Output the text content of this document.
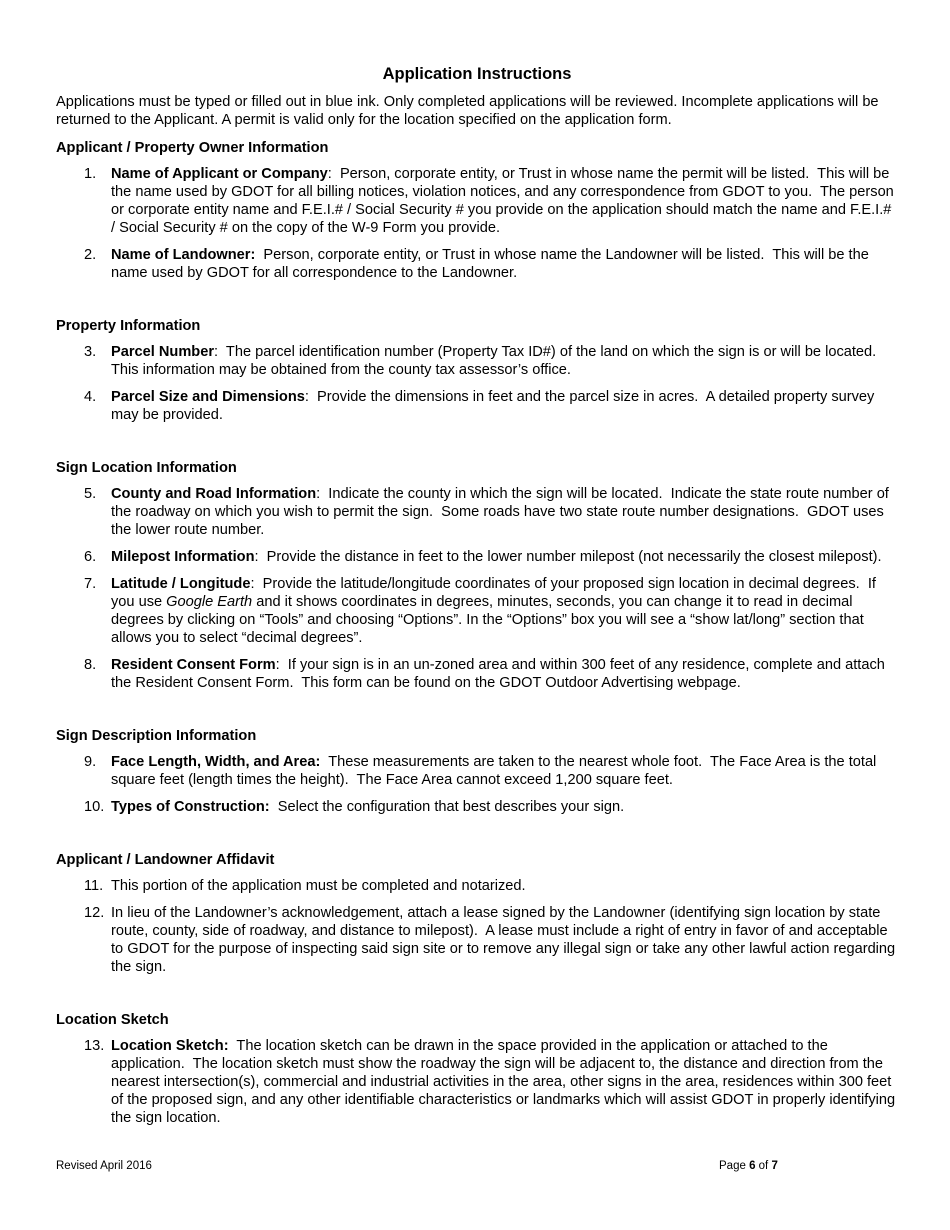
Application Instructions

Applications must be typed or filled out in blue ink. Only completed applications will be reviewed. Incomplete applications will be returned to the Applicant. A permit is valid only for the location specified on the application form.

Applicant / Property Owner Information
1. Name of Applicant or Company:  Person, corporate entity, or Trust in whose name the permit will be listed.  This will be the name used by GDOT for all billing notices, violation notices, and any correspondence from GDOT to you.  The person or corporate entity name and F.E.I.# / Social Security # you provide on the application should match the name and F.E.I.# / Social Security # on the copy of the W-9 Form you provide.
2. Name of Landowner:  Person, corporate entity, or Trust in whose name the Landowner will be listed.  This will be the name used by GDOT for all correspondence to the Landowner.
Property Information
3. Parcel Number:  The parcel identification number (Property Tax ID#) of the land on which the sign is or will be located.  This information may be obtained from the county tax assessor’s office.
4. Parcel Size and Dimensions:  Provide the dimensions in feet and the parcel size in acres.  A detailed property survey may be provided.
Sign Location Information
5. County and Road Information:  Indicate the county in which the sign will be located.  Indicate the state route number of the roadway on which you wish to permit the sign.  Some roads have two state route number designations.  GDOT uses the lower route number.
6. Milepost Information:  Provide the distance in feet to the lower number milepost (not necessarily the closest milepost).
7. Latitude / Longitude:  Provide the latitude/longitude coordinates of your proposed sign location in decimal degrees.  If you use Google Earth and it shows coordinates in degrees, minutes, seconds, you can change it to read in decimal degrees by clicking on “Tools” and choosing “Options”. In the “Options” box you will see a “show lat/long” section that allows you to select “decimal degrees”.
8. Resident Consent Form:  If your sign is in an un-zoned area and within 300 feet of any residence, complete and attach the Resident Consent Form.  This form can be found on the GDOT Outdoor Advertising webpage.
Sign Description Information
9. Face Length, Width, and Area:  These measurements are taken to the nearest whole foot.  The Face Area is the total square feet (length times the height).  The Face Area cannot exceed 1,200 square feet.
10. Types of Construction:  Select the configuration that best describes your sign.
Applicant / Landowner Affidavit
11. This portion of the application must be completed and notarized.
12. In lieu of the Landowner’s acknowledgement, attach a lease signed by the Landowner (identifying sign location by state route, county, side of roadway, and distance to milepost).  A lease must include a right of entry in favor of and acceptable to GDOT for the purpose of inspecting said sign site or to remove any illegal sign or take any other lawful action regarding the sign.
Location Sketch
13. Location Sketch:  The location sketch can be drawn in the space provided in the application or attached to the application.  The location sketch must show the roadway the sign will be adjacent to, the distance and direction from the nearest intersection(s), commercial and industrial activities in the area, other signs in the area, residences within 300 feet of the proposed sign, and any other identifiable characteristics or landmarks which will assist GDOT in properly identifying the sign location.
Revised April 2016	Page 6 of 7
